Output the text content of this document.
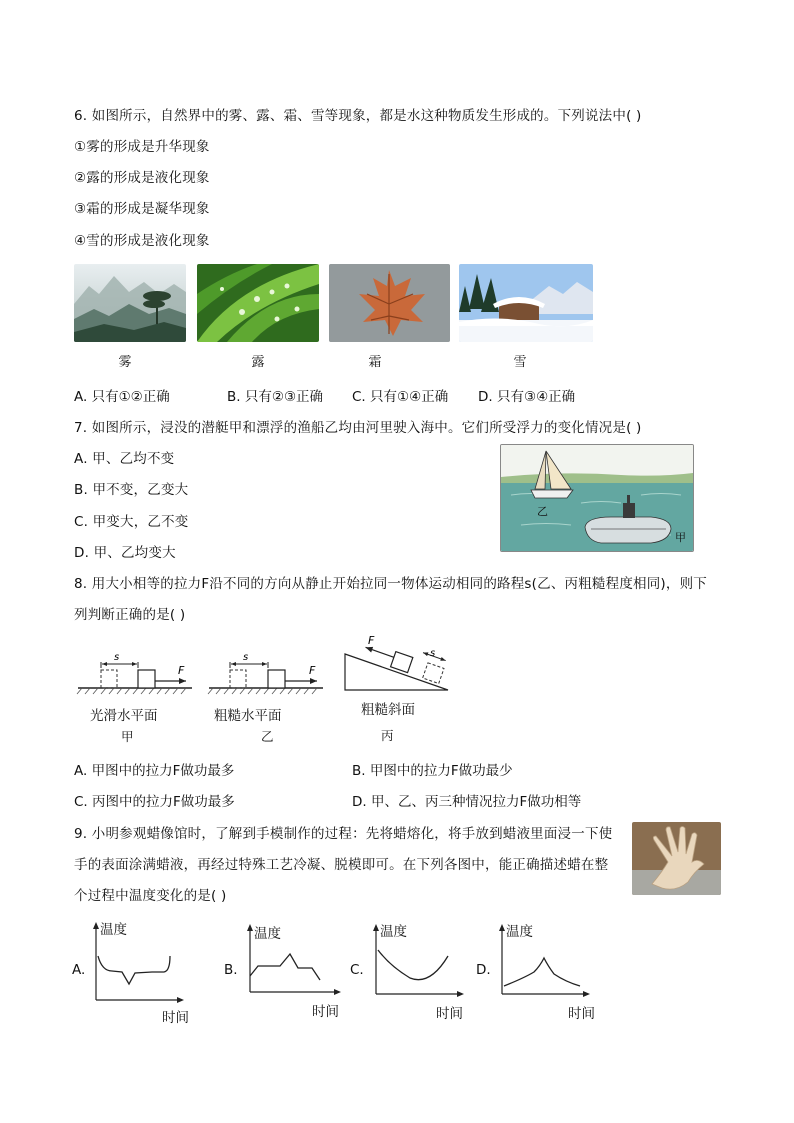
6. 如图所示，自然界中的雾、露、霜、雪等现象，都是水这种物质发生形成的。下列说法中( )
①雾的形成是升华现象
②露的形成是液化现象
③霜的形成是凝华现象
④雪的形成是液化现象
雾	露	霜	雪
A. 只有①②正确	B. 只有②③正确 C. 只有①④正确 D. 只有③④正确
7. 如图所示，浸没的潜艇甲和漂浮的渔船乙均由河里驶入海中。它们所受浮力的变化情况是( )
A. 甲、乙均不变
B. 甲不变，乙变大
C. 甲变大，乙不变
D. 甲、乙均变大
乙
甲
8. 用大小相等的拉力F沿不同的方向从静止开始拉同一物体运动相同的路程s(乙、丙粗糙程度相同)，则下
列判断正确的是( )
s
F
光滑水平面
甲
s
F
粗糙水平面
乙
F
s
粗糙斜面
丙
A. 甲图中的拉力F做功最多	B. 甲图中的拉力F做功最少
C. 丙图中的拉力F做功最多	D. 甲、乙、丙三种情况拉力F做功相等
9. 小明参观蜡像馆时，了解到手模制作的过程：先将蜡熔化，将手放到蜡液里面浸一下使
手的表面涂满蜡液，再经过特殊工艺冷凝、脱模即可。在下列各图中，能正确描述蜡在整
个过程中温度变化的是( )
A.
温度
时间
B.
温度
时间
C.
温度
时间
D.
温度
时间
